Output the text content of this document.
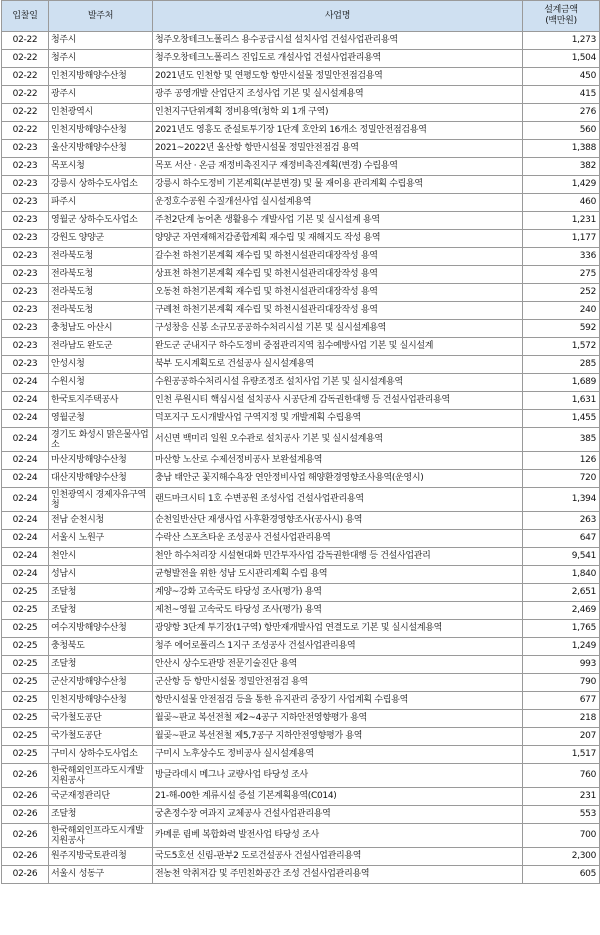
입찰일	발주처	사업명	설계금액
(백만원)
02-22	청주시	청주오창테크노폴리스 용수공급시설 설치사업 건설사업관리용역	1,273
02-22	청주시	청주오창테크노폴리스 진입도로 개설사업 건설사업관리용역	1,504
02-22	인천지방해양수산청	2021년도 인천항 및 연평도항 항만시설물 정밀안전점검용역	450
02-22	광주시	광주 공영개발 산업단지 조성사업 기본 및 실시설계용역	415
02-22	인천광역시	인천지구단위계획 정비용역(청학 외 1개 구역)	276
02-22	인천지방해양수산청	2021년도 영흥도 준설토투기장 1단계 호안외 16개소 정밀안전점검용역	560
02-23	울산지방해양수산청	2021~2022년 울산항 항만시설물 정밀안전점검 용역	1,388
02-23	목포시청	목포 서산 · 온금 재정비촉진지구 재정비촉진계획(변경) 수립용역	382
02-23	강릉시 상하수도사업소	강릉시 하수도정비 기본계획(부분변경) 및 물 재이용 관리계획 수립용역	1,429
02-23	파주시	운정호수공원 수질개선사업 실시설계용역	460
02-23	영월군 상하수도사업소	주천2단계 농어촌 생활용수 개발사업 기본 및 실시설계 용역	1,231
02-23	강원도 양양군	양양군 자연재해저감종합계획 재수립 및 재해지도 작성 용역	1,177
02-23	전라북도청	갈수천 하천기본계획 재수립 및 하천시설관리대장작성 용역	336
02-23	전라북도청	상표천 하천기본계획 재수립 및 하천시설관리대장작성 용역	275
02-23	전라북도청	오동천 하천기본계획 재수립 및 하천시설관리대장작성 용역	252
02-23	전라북도청	구례천 하천기본계획 재수립 및 하천시설관리대장작성 용역	240
02-23	충청남도 아산시	구성창응 신봉 소규모공공하수처리시설 기본 및 실시설계용역	592
02-23	전라남도 완도군	완도군 군내지구 하수도정비 중점관리지역 침수예방사업 기본 및 실시설계	1,572
02-23	안성시청	북부 도시계획도로 건설공사 실시설계용역	285
02-24	수원시청	수원공공하수처리시설 유량조정조 설치사업 기본 및 실시설계용역	1,689
02-24	한국토지주택공사	인천 루원시티 핵심시설 설치공사 시공단계 감독권한대행 등 건설사업관리용역	1,631
02-24	영월군청	덕포지구 도시개발사업 구역지정 및 개발계획 수립용역	1,455
02-24	경기도 화성시 맑은물사업소	서신면 백미리 일원 오수관로 설치공사 기본 및 실시설계용역	385
02-24	마산지방해양수산청	마산항 노산로 수제선정비공사 보완설계용역	126
02-24	대산지방해양수산청	충남 태안군 꽃지해수욕장 연안정비사업 해양환경영향조사용역(운영시)	720
02-24	인천광역시 경제자유구역청	랜드마크시티 1호 수변공원 조성사업 건설사업관리용역	1,394
02-24	전남 순천시청	순천일반산단 재생사업 사후환경영향조사(공사시) 용역	263
02-24	서울시 노원구	수락산 스포츠타운 조성공사 건설사업관리용역	647
02-24	천안시	천안 하수처리장 시설현대화 민간투자사업 감독권한대행 등 건설사업관리	9,541
02-24	성남시	균형발전을 위한 성남 도시관리계획 수립 용역	1,840
02-25	조달청	계양~강화 고속국도 타당성 조사(평가) 용역	2,651
02-25	조달청	제천~영월 고속국도 타당성 조사(평가) 용역	2,469
02-25	여수지방해양수산청	광양항 3단계 투기장(1구역) 항만재개발사업 연결도로 기본 및 실시설계용역	1,765
02-25	충청북도	청주 에어로폴리스 1지구 조성공사 건설사업관리용역	1,249
02-25	조달청	안산시 상수도관망 전문기술진단 용역	993
02-25	군산지방해양수산청	군산항 등 항만시설물 정밀안전점검 용역	790
02-25	인천지방해양수산청	항만시설물 안전점검 등을 통한 유지관리 중장기 사업계획 수립용역	677
02-25	국가철도공단	월곶~판교 복선전철 제2~4공구 지하안전영향평가 용역	218
02-25	국가철도공단	월곶~판교 복선전철 제5,7공구 지하안전영향평가 용역	207
02-25	구미시 상하수도사업소	구미시 노후상수도 정비공사 실시설계용역	1,517
02-26	한국해외인프라도시개발지원공사	방글라데시 메그나 교량사업 타당성 조사	760
02-26	국군재정관리단	21-해-00한 계류시설 증설 기본계획용역(C014)	231
02-26	조달청	궁촌정수장 여과지 교체공사 건설사업관리용역	553
02-26	한국해외인프라도시개발지원공사	카메룬 림베 복합화력 발전사업 타당성 조사	700
02-26	원주지방국토관리청	국도5호선 신림-판부2 도로건설공사 건설사업관리용역	2,300
02-26	서울시 성동구	전농천 악취저감 및 주민친화공간 조성 건설사업관리용역	605
